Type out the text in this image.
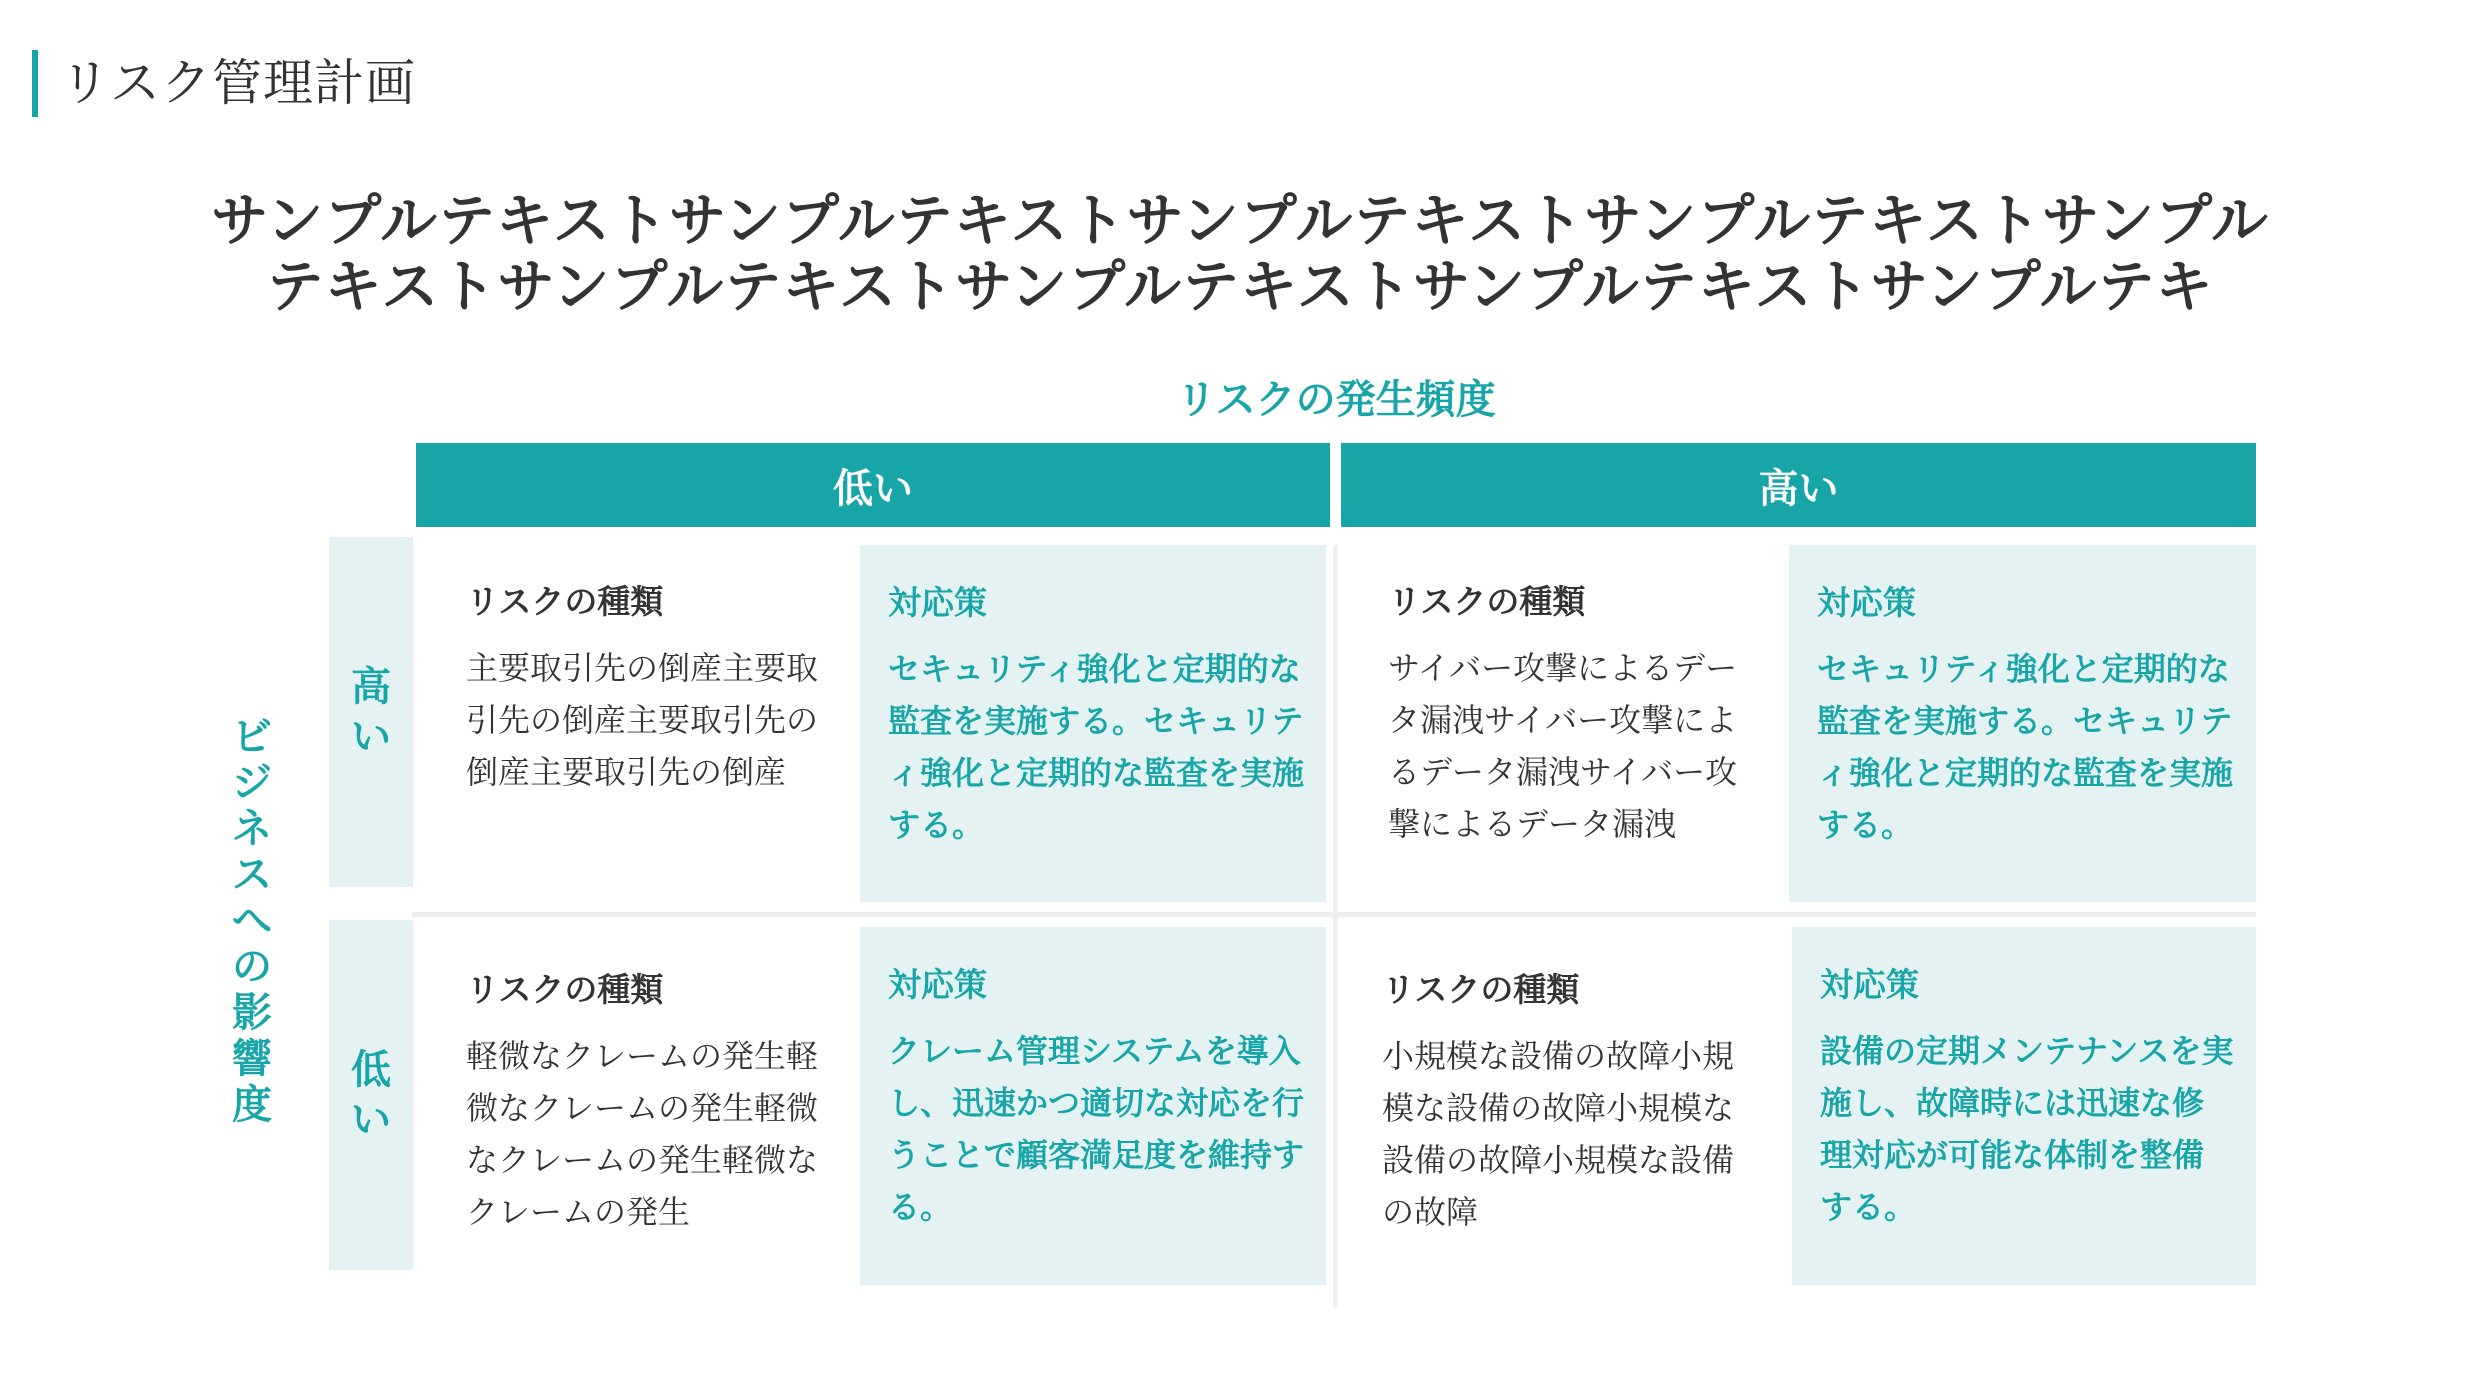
リスク管理計画
サンプルテキストサンプルテキストサンプルテキストサンプルテキストサンプルテキストサンプルテキストサンプルテキストサンプルテキストサンプルテキ
リスクの発生頻度
低い	高い
ビ
ジ
ネ
ス
へ
の
影
響
度
高
い
低
い
リスクの種類
主要取引先の倒産主要取引先の倒産主要取引先の倒産主要取引先の倒産
対応策
セキュリティ強化と定期的な監査を実施する。セキュリティ強化と定期的な監査を実施する。
リスクの種類
サイバー攻撃によるデータ漏洩サイバー攻撃によるデータ漏洩サイバー攻撃によるデータ漏洩
対応策
セキュリティ強化と定期的な監査を実施する。セキュリティ強化と定期的な監査を実施する。
リスクの種類
軽微なクレームの発生軽微なクレームの発生軽微なクレームの発生軽微なクレームの発生
対応策
クレーム管理システムを導入し、迅速かつ適切な対応を行うことで顧客満足度を維持する。
リスクの種類
小規模な設備の故障小規模な設備の故障小規模な設備の故障小規模な設備の故障
対応策
設備の定期メンテナンスを実施し、故障時には迅速な修理対応が可能な体制を整備する。
